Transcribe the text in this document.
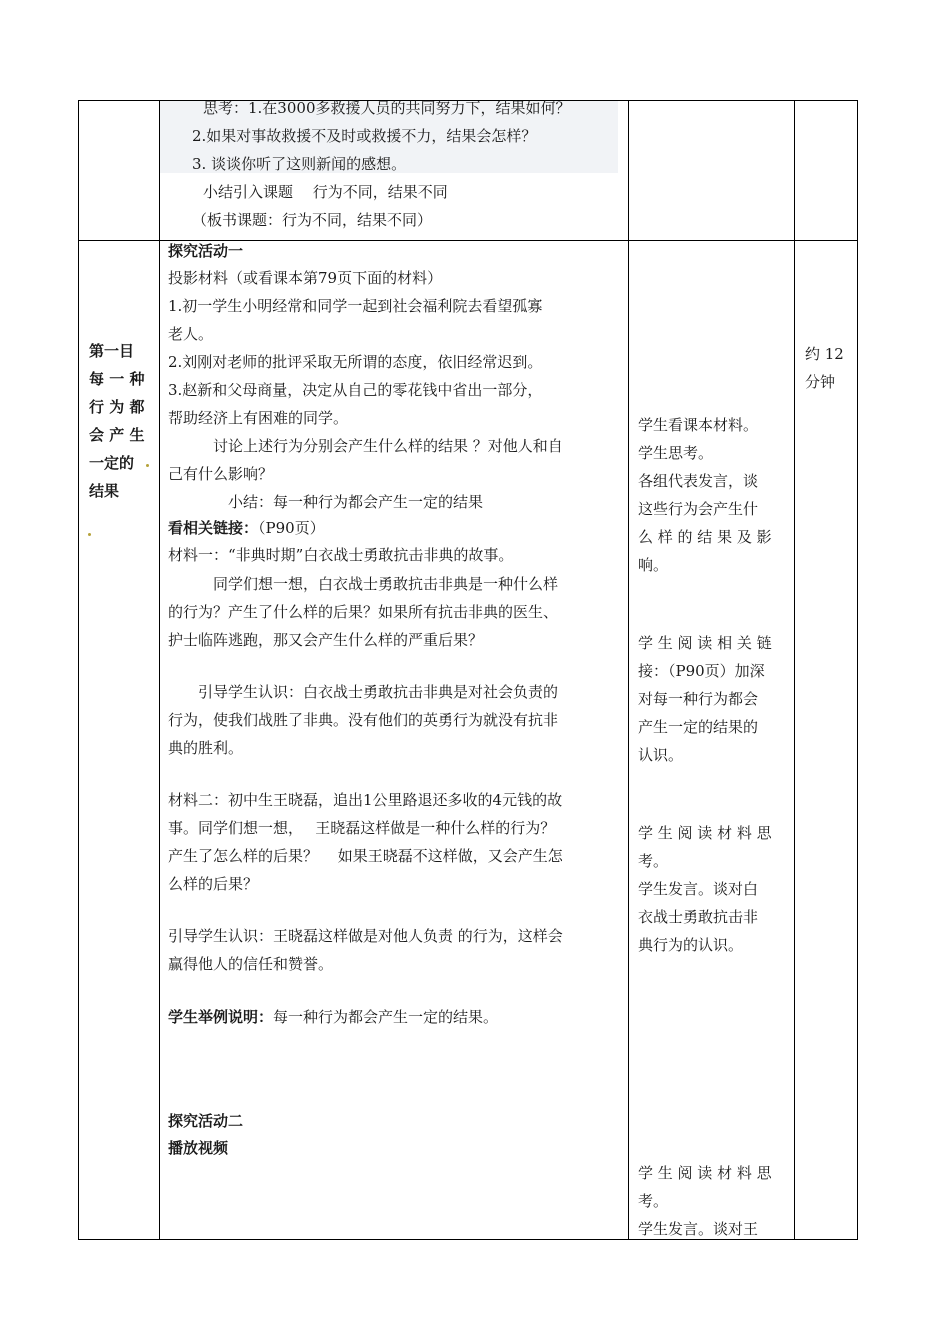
思考：1.在3000多救援人员的共同努力下，结果如何？
2.如果对事故救援不及时或救援不力，结果会怎样？
3. 谈谈你听了这则新闻的感想。
小结引入课题　 行为不同，结果不同
（板书课题：行为不同，结果不同）
第一目
每 一 种
行 为 都
会 产 生
一定的
结果
探究活动一
投影材料（或看课本第79页下面的材料）
1.初一学生小明经常和同学一起到社会福利院去看望孤寡
老人。
2.刘刚对老师的批评采取无所谓的态度，依旧经常迟到。
3.赵新和父母商量，决定从自己的零花钱中省出一部分，
帮助经济上有困难的同学。
　　　讨论上述行为分别会产生什么样的结果 ？对他人和自
己有什么影响？
　　　　小结：每一种行为都会产生一定的结果
看相关链接：（P90页）
材料一：“非典时期”白衣战士勇敢抗击非典的故事。
　　　同学们想一想，白衣战士勇敢抗击非典是一种什么样
的行为？产生了什么样的后果？如果所有抗击非典的医生、
护士临阵逃跑，那又会产生什么样的严重后果？
　　引导学生认识：白衣战士勇敢抗击非典是对社会负责的
行为，使我们战胜了非典。没有他们的英勇行为就没有抗非
典的胜利。
材料二：初中生王晓磊，追出1公里路退还多收的4元钱的故
事。同学们想一想，　 王晓磊这样做是一种什么样的行为？
产生了怎么样的后果？　 如果王晓磊不这样做，又会产生怎
么样的后果？
引导学生认识：王晓磊这样做是对他人负责 的行为，这样会
赢得他人的信任和赞誉。
学生举例说明：每一种行为都会产生一定的结果。
探究活动二
播放视频
学生看课本材料。
学生思考。
各组代表发言，谈
这些行为会产生什
么 样 的 结 果 及 影
响。
学 生 阅 读 相 关 链
接：（P90页）加深
对每一种行为都会
产生一定的结果的
认识。
学 生 阅 读 材 料 思
考。
学生发言。谈对白
衣战士勇敢抗击非
典行为的认识。
学 生 阅 读 材 料 思
考。
学生发言。谈对王
约 12
分钟
